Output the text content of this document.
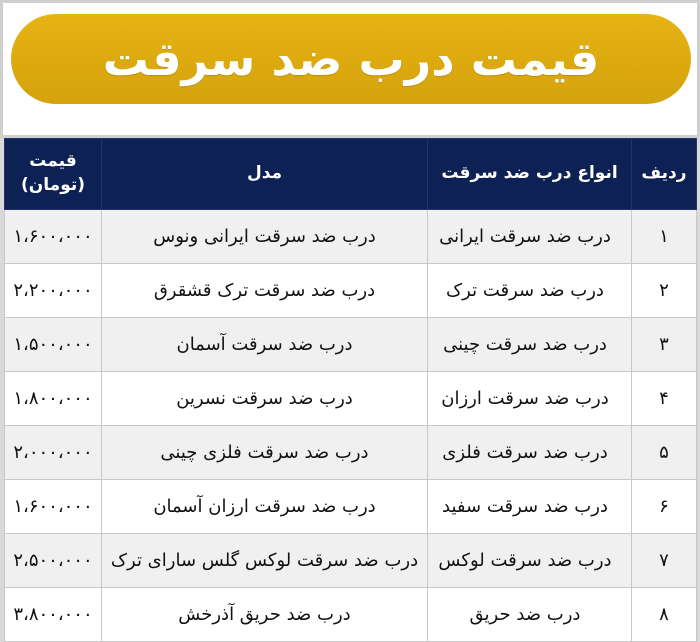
قیمت درب ضد سرقت
ردیف	انواع درب ضد سرقت	مدل	قیمت
(تومان)

۱	درب ضد سرقت ایرانی	درب ضد سرقت ایرانی ونوس	۱،۶۰۰،۰۰۰
۲	درب ضد سرقت ترک	درب ضد سرقت ترک قشقرق	۲،۲۰۰،۰۰۰
۳	درب ضد سرقت چینی	درب ضد سرقت آسمان	۱،۵۰۰،۰۰۰
۴	درب ضد سرقت ارزان	درب ضد سرقت نسرین	۱،۸۰۰،۰۰۰
۵	درب ضد سرقت فلزی	درب ضد سرقت فلزی چینی	۲،۰۰۰،۰۰۰
۶	درب ضد سرقت سفید	درب ضد سرقت ارزان آسمان	۱،۶۰۰،۰۰۰
۷	درب ضد سرقت لوکس	درب ضد سرقت لوکس گلس سارای ترک	۲،۵۰۰،۰۰۰
۸	درب ضد حریق	درب ضد حریق آذرخش	۳،۸۰۰،۰۰۰
